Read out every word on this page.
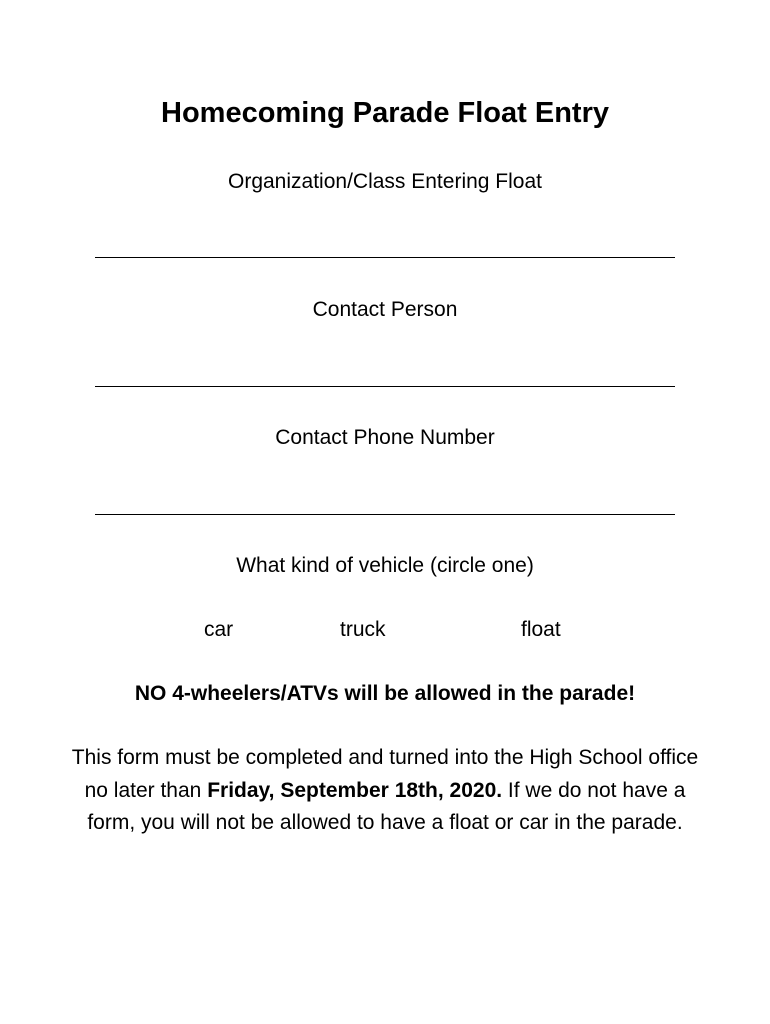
Homecoming Parade Float Entry
Organization/Class Entering Float
Contact Person
Contact Phone Number
What kind of vehicle (circle one)
car	truck	float
NO 4-wheelers/ATVs will be allowed in the parade!
This form must be completed and turned into the High School office no later than Friday, September 18th, 2020. If we do not have a form, you will not be allowed to have a float or car in the parade.
